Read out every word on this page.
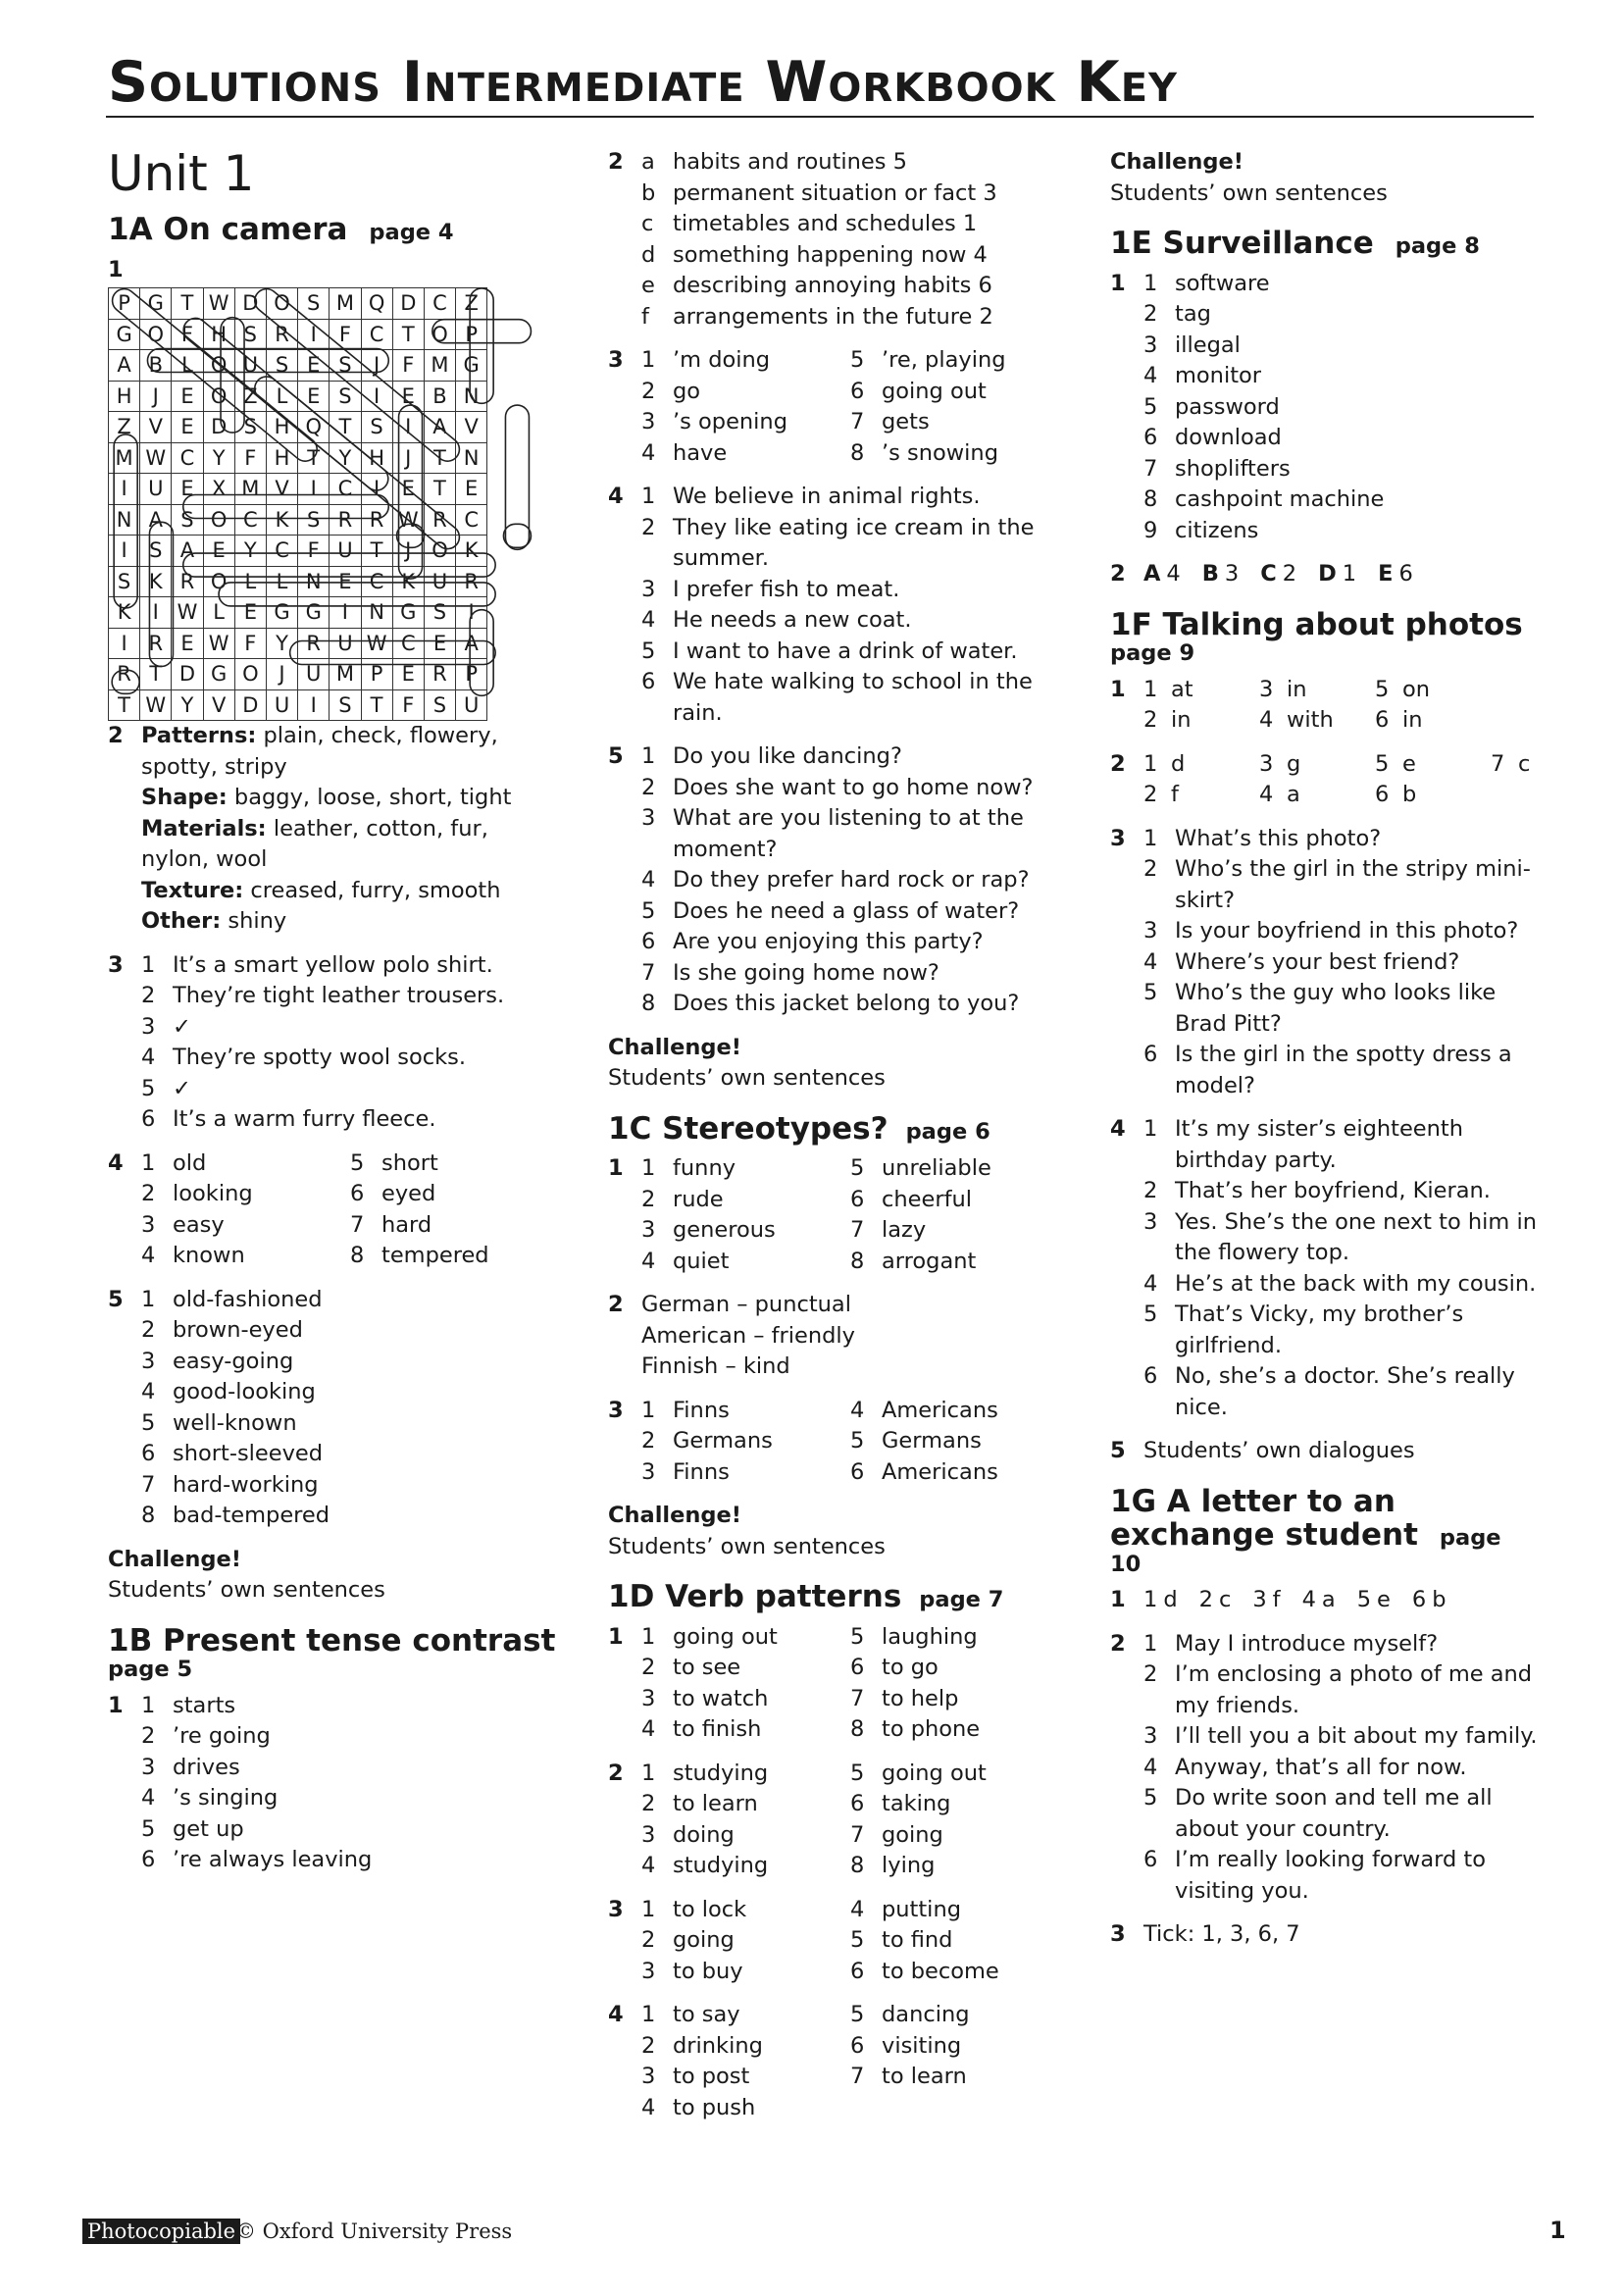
Solutions Intermediate Workbook Key
Unit 1
1A On camera page 4
1
P	G	T	W	D	O	S	M	Q	D	C	Z
G	O	F	H	S	R	I	F	C	T	O	P
A	B	L	O	U	S	E	S	J	F	M	G
H	J	E	O	Z	L	E	S	I	E	B	N
Z	V	E	D	S	H	Q	T	S	I	A	V
M	W	C	Y	F	H	T	Y	H	J	T	N
I	U	E	X	M	V	I	C	I	E	T	E
N	A	S	O	C	K	S	R	R	W	R	C
I	S	A	E	Y	C	F	U	T	J	O	K
S	K	R	O	L	L	N	E	C	K	U	R
K	I	W	L	E	G	G	I	N	G	S	I
I	R	E	W	F	Y	R	U	W	C	E	A
R	T	D	G	O	J	U	M	P	E	R	P
T	W	Y	V	D	U	I	S	T	F	S	U
2 Patterns: plain, check, flowery, spotty, stripy
Shape: baggy, loose, short, tight
Materials: leather, cotton, fur, nylon, wool
Texture: creased, furry, smooth
Other: shiny
3 1 It’s a smart yellow polo shirt.
2 They’re tight leather trousers.
3 ✓
4 They’re spotty wool socks.
5 ✓
6 It’s a warm furry fleece.
4 1 old	5 short
2 looking	6 eyed
3 easy	7 hard
4 known	8 tempered
5 1 old-fashioned
2 brown-eyed
3 easy-going
4 good-looking
5 well-known
6 short-sleeved
7 hard-working
8 bad-tempered
Challenge!
Students’ own sentences
1B Present tense contrast
page 5
1 1 starts
2 ’re going
3 drives
4 ’s singing
5 get up
6 ’re always leaving
2 a habits and routines 5
b permanent situation or fact 3
c timetables and schedules 1
d something happening now 4
e describing annoying habits 6
f	arrangements in the future 2
3 1 ’m doing	5 ’re, playing
2 go	6 going out
3 ’s opening	7 gets
4 have	8 ’s snowing
4 1 We believe in animal rights.
2 They like eating ice cream in the summer.
3 I prefer fish to meat.
4 He needs a new coat.
5 I want to have a drink of water.
6 We hate walking to school in the rain.
5 1 Do you like dancing?
2 Does she want to go home now?
3 What are you listening to at the moment?
4 Do they prefer hard rock or rap?
5 Does he need a glass of water?
6 Are you enjoying this party?
7 Is she going home now?
8 Does this jacket belong to you?
Challenge!
Students’ own sentences
1C Stereotypes? page 6
1 1 funny	5 unreliable
2 rude	6 cheerful
3 generous	7 lazy
4 quiet	8 arrogant
2 German – punctual
American – friendly
Finnish – kind
3 1 Finns	4 Americans
2 Germans	5 Germans
3 Finns	6 Americans
Challenge!
Students’ own sentences
1D Verb patterns page 7
1 1 going out	5 laughing
2 to see	6 to go
3 to watch	7 to help
4 to finish	8 to phone
2 1 studying	5 going out
2 to learn	6 taking
3 doing	7 going
4 studying	8 lying
3 1 to lock	4 putting
2 going	5 to find
3 to buy	6 to become
4 1 to say	5 dancing
2 drinking	6 visiting
3 to post	7 to learn
4 to push
Challenge!
Students’ own sentences
1E Surveillance page 8
1 1 software
2 tag
3 illegal
4 monitor
5 password
6 download
7 shoplifters
8 cashpoint machine
9 citizens
2 A 4 B 3 C 2 D 1 E 6
1F Talking about photos
page 9
1 1 at	3 in	5 on
2 in	4 with	6 in
2 1 d	3 g	5 e	7 c
2 f	4 a	6 b
3 1 What’s this photo?
2 Who’s the girl in the stripy mini-skirt?
3 Is your boyfriend in this photo?
4 Where’s your best friend?
5 Who’s the guy who looks like Brad Pitt?
6 Is the girl in the spotty dress a model?
4 1 It’s my sister’s eighteenth birthday party.
2 That’s her boyfriend, Kieran.
3 Yes. She’s the one next to him in the flowery top.
4 He’s at the back with my cousin.
5 That’s Vicky, my brother’s girlfriend.
6 No, she’s a doctor. She’s really nice.
5 Students’ own dialogues
1G A letter to an exchange student page 10
1 1 d 2 c 3 f 4 a 5 e 6 b
2 1 May I introduce myself?
2 I’m enclosing a photo of me and my friends.
3 I’ll tell you a bit about my family.
4 Anyway, that’s all for now.
5 Do write soon and tell me all about your country.
6 I’m really looking forward to visiting you.
3 Tick: 1, 3, 6, 7
Photocopiable © Oxford University Press	1
